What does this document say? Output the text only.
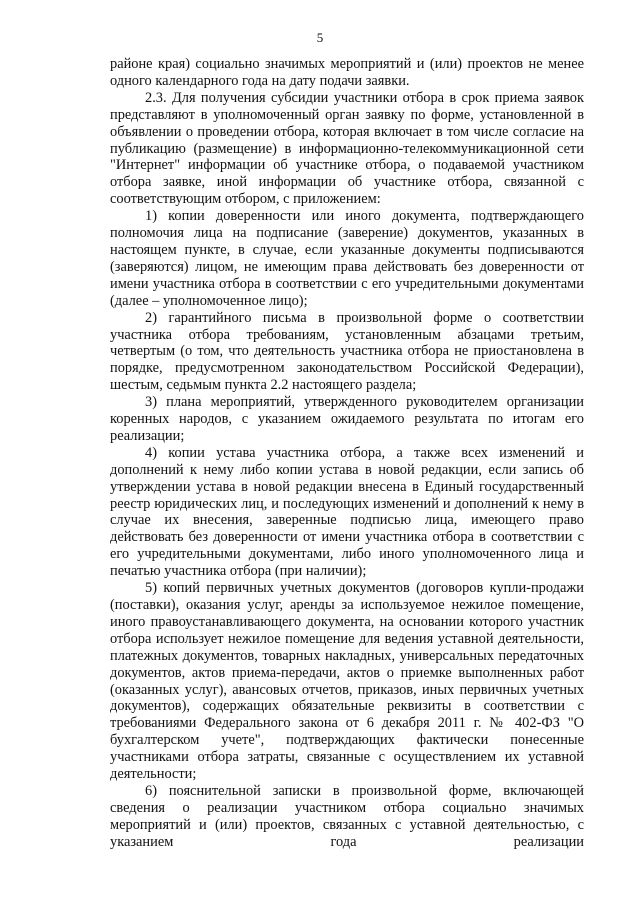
5

районе края) социально значимых мероприятий и (или) проектов не менее одного календарного года на дату подачи заявки.

2.3. Для получения субсидии участники отбора в срок приема заявок представляют в уполномоченный орган заявку по форме, установленной в объявлении о проведении отбора, которая включает в том числе согласие на публикацию (размещение) в информационно-телекоммуникационной сети "Интернет" информации об участнике отбора, о подаваемой участником отбора заявке, иной информации об участнике отбора, связанной с соответствующим отбором, с приложением:

1) копии доверенности или иного документа, подтверждающего полномочия лица на подписание (заверение) документов, указанных в настоящем пункте, в случае, если указанные документы подписываются (заверяются) лицом, не имеющим права действовать без доверенности от имени участника отбора в соответствии с его учредительными документами (далее – уполномоченное лицо);

2) гарантийного письма в произвольной форме о соответствии участника отбора требованиям, установленным абзацами третьим, четвертым (о том, что деятельность участника отбора не приостановлена в порядке, предусмотренном законодательством Российской Федерации), шестым, седьмым пункта 2.2 настоящего раздела;

3) плана мероприятий, утвержденного руководителем организации коренных народов, с указанием ожидаемого результата по итогам его реализации;

4) копии устава участника отбора, а также всех изменений и дополнений к нему либо копии устава в новой редакции, если запись об утверждении устава в новой редакции внесена в Единый государственный реестр юридических лиц, и последующих изменений и дополнений к нему в случае их внесения, заверенные подписью лица, имеющего право действовать без доверенности от имени участника отбора в соответствии с его учредительными документами, либо иного уполномоченного лица и печатью участника отбора (при наличии);

5) копий первичных учетных документов (договоров купли-продажи (поставки), оказания услуг, аренды за используемое нежилое помещение, иного правоустанавливающего документа, на основании которого участник отбора использует нежилое помещение для ведения уставной деятельности, платежных документов, товарных накладных, универсальных передаточных документов, актов приема-передачи, актов о приемке выполненных работ (оказанных услуг), авансовых отчетов, приказов, иных первичных учетных документов), содержащих обязательные реквизиты в соответствии с требованиями Федерального закона от 6 декабря 2011 г. № 402-ФЗ "О бухгалтерском учете", подтверждающих фактически понесенные участниками отбора затраты, связанные с осуществлением их уставной деятельности;

6) пояснительной записки в произвольной форме, включающей сведения о реализации участником отбора социально значимых мероприятий и (или) проектов, связанных с уставной деятельностью, с указанием года реализации
